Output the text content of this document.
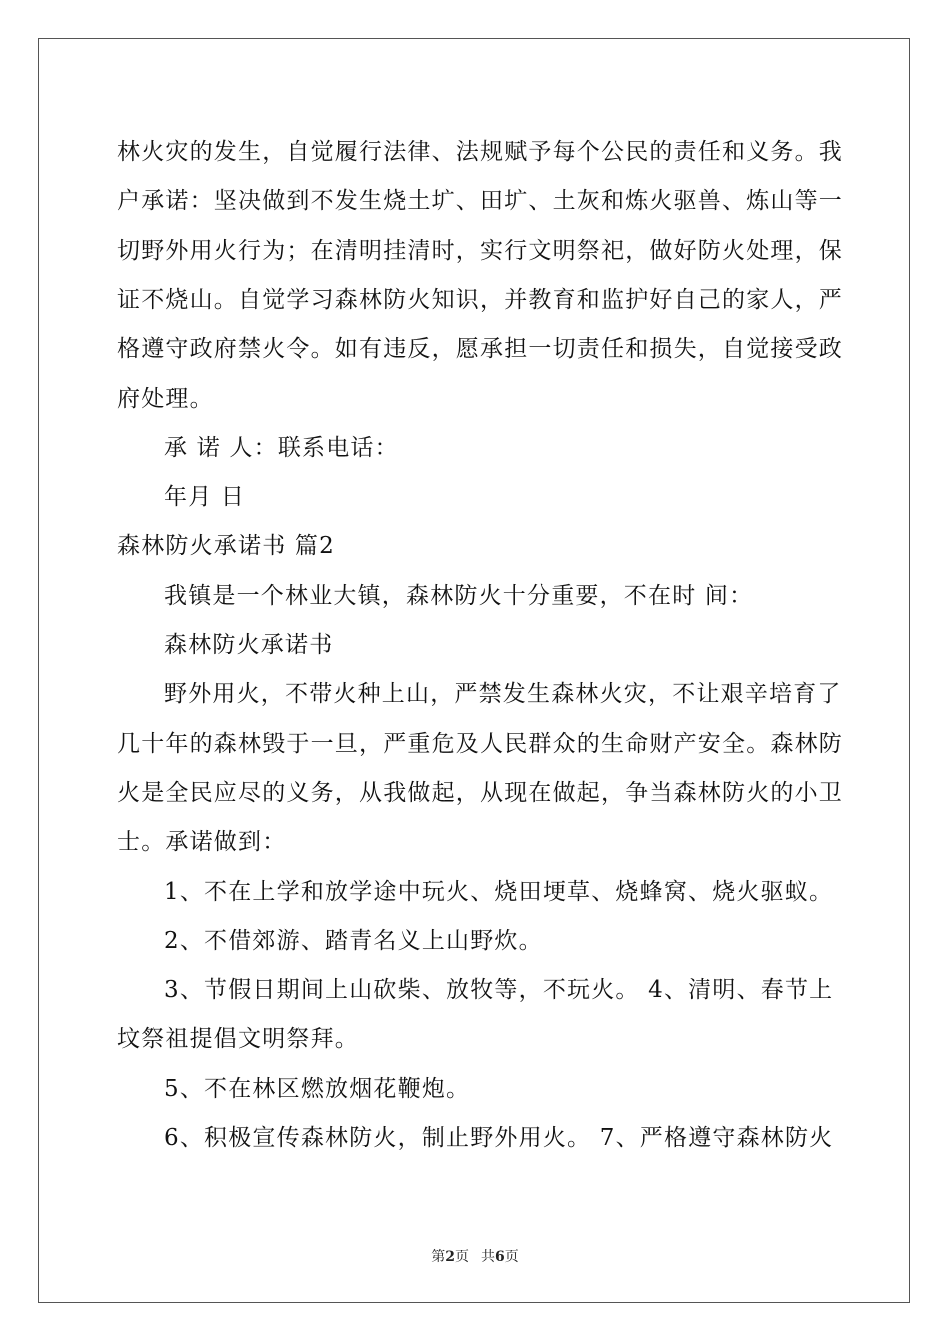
林火灾的发生，自觉履行法律、法规赋予每个公民的责任和义务。我
户承诺：坚决做到不发生烧土圹、田圹、土灰和炼火驱兽、炼山等一
切野外用火行为；在清明挂清时，实行文明祭祀，做好防火处理，保
证不烧山。自觉学习森林防火知识，并教育和监护好自己的家人，严
格遵守政府禁火令。如有违反，愿承担一切责任和损失，自觉接受政
府处理。
承 诺 人：联系电话：
年月 日
森林防火承诺书 篇2
我镇是一个林业大镇，森林防火十分重要，不在时 间：
森林防火承诺书
野外用火，不带火种上山，严禁发生森林火灾，不让艰辛培育了
几十年的森林毁于一旦，严重危及人民群众的生命财产安全。森林防
火是全民应尽的义务，从我做起，从现在做起，争当森林防火的小卫
士。承诺做到：
1、不在上学和放学途中玩火、烧田埂草、烧蜂窝、烧火驱蚁。
2、不借郊游、踏青名义上山野炊。
3、节假日期间上山砍柴、放牧等，不玩火。 4、清明、春节上
坟祭祖提倡文明祭拜。
5、不在林区燃放烟花鞭炮。
6、积极宣传森林防火，制止野外用火。 7、严格遵守森林防火
第2页 共6页
